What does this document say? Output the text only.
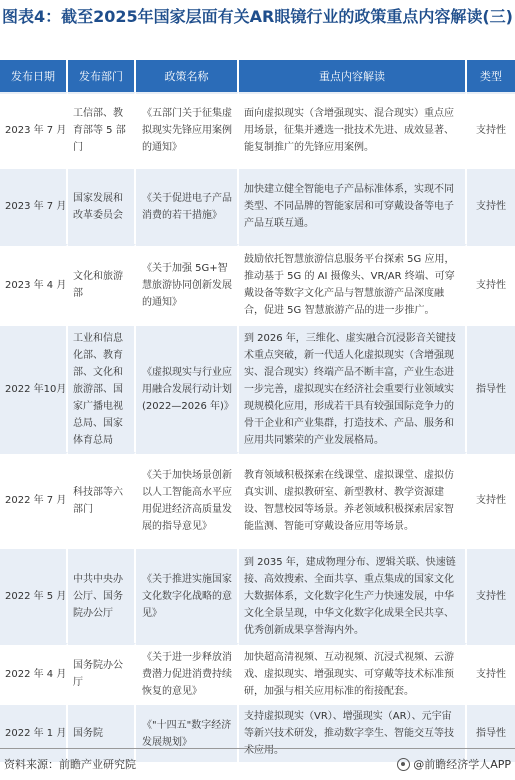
图表4：截至2025年国家层面有关AR眼镜行业的政策重点内容解读(三)
发布日期	发布部门	政策名称	重点内容解读	类型
2023 年 7 月	工信部、教育部等 5 部门	《五部门关于征集虚拟现实先锋应用案例的通知》	面向虚拟现实（含增强现实、混合现实）重点应用场景，征集并遴选一批技术先进、成效显著、能复制推广的先锋应用案例。	支持性
2023 年 7 月	国家发展和改革委员会	《关于促进电子产品消费的若干措施》	加快建立健全智能电子产品标准体系，实现不同类型、不同品牌的智能家居和可穿戴设备等电子产品互联互通。	支持性
2023 年 4 月	文化和旅游部	《关于加强 5G+智慧旅游协同创新发展的通知》	鼓励依托智慧旅游信息服务平台探索 5G 应用，推动基于 5G 的 AI 摄像头、VR/AR 终端、可穿戴设备等数字文化产品与智慧旅游产品深度融合，促进 5G 智慧旅游产品的进一步推广。	支持性
2022 年10月	工业和信息化部、教育部、文化和旅游部、国家广播电视总局、国家体育总局	《虚拟现实与行业应用融合发展行动计划(2022—2026 年)》	到 2026 年，三维化、虚实融合沉浸影音关键技术重点突破，新一代适人化虚拟现实（含增强现实、混合现实）终端产品不断丰富，产业生态进一步完善，虚拟现实在经济社会重要行业领域实现规模化应用，形成若干具有较强国际竞争力的骨干企业和产业集群，打造技术、产品、服务和应用共同繁荣的产业发展格局。	指导性
2022 年 7 月	科技部等六部门	《关于加快场景创新以人工智能高水平应用促进经济高质量发展的指导意见》	教育领域积极探索在线课堂、虚拟课堂、虚拟仿真实训、虚拟教研室、新型教材、教学资源建设、智慧校园等场景。养老领域积极探索居家智能监测、智能可穿戴设备应用等场景。	支持性
2022 年 5 月	中共中央办公厅、国务院办公厅	《关于推进实施国家文化数字化战略的意见》	到 2035 年，建成物理分布、逻辑关联、快速链接、高效搜索、全面共享、重点集成的国家文化大数据体系，文化数字化生产力快速发展，中华文化全景呈现，中华文化数字化成果全民共享、优秀创新成果享誉海内外。	支持性
2022 年 4 月	国务院办公厅	《关于进一步释放消费潜力促进消费持续恢复的意见》	加快超高清视频、互动视频、沉浸式视频、云游戏、虚拟现实、增强现实、可穿戴等技术标准预研，加强与相关应用标准的衔接配套。	支持性
2022 年 1 月	国务院	《"十四五"数字经济发展规划》	支持虚拟现实（VR）、增强现实（AR）、元宇宙等新兴技术研发，推动数字孪生、智能交互等技术应用。	指导性
资料来源：前瞻产业研究院	@前瞻经济学人APP
